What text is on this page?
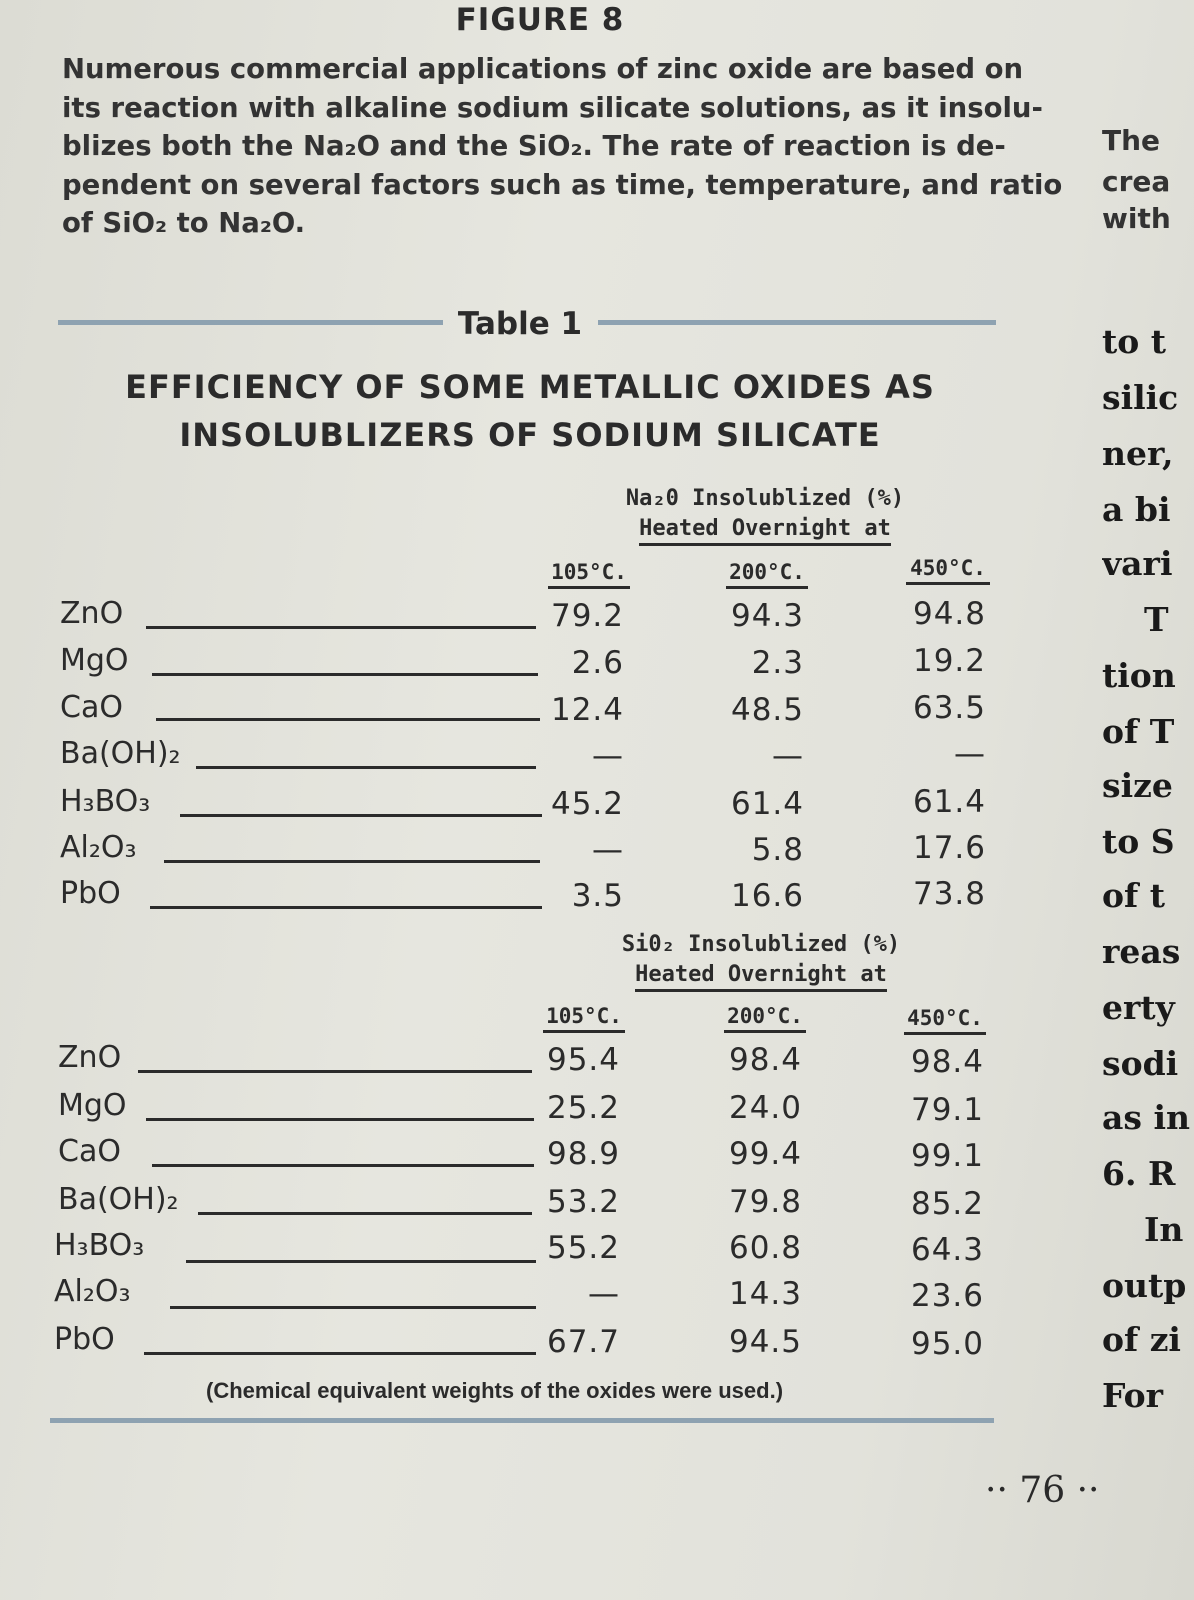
FIGURE 8
Numerous commercial applications of zinc oxide are based on
its reaction with alkaline sodium silicate solutions, as it insolu-
blizes both the Na₂O and the SiO₂. The rate of reaction is de-
pendent on several factors such as time, temperature, and ratio
of SiO₂ to Na₂O.
The
crea
with
to t
silic
ner,
a bi
vari
T
tion
of T
size
to S
of t
reas
erty
sodi
as in
6. R
In
outp
of zi
For
Table 1
EFFICIENCY OF SOME METALLIC OXIDES AS
INSOLUBLIZERS OF SODIUM SILICATE
Na₂0 Insolublized (%)
Heated Overnight at
105°C.	200°C.	450°C.
ZnO	79.2	94.3	94.8
MgO	2.6	2.3	19.2
CaO	12.4	48.5	63.5
Ba(OH)₂	—	—	—
H₃BO₃	45.2	61.4	61.4
Al₂O₃	—	5.8	17.6
PbO	3.5	16.6	73.8
Si0₂ Insolublized (%)
Heated Overnight at
105°C.	200°C.	450°C.
ZnO	95.4	98.4	98.4
MgO	25.2	24.0	79.1
CaO	98.9	99.4	99.1
Ba(OH)₂	53.2	79.8	85.2
H₃BO₃	55.2	60.8	64.3
Al₂O₃	—	14.3	23.6
PbO	67.7	94.5	95.0
(Chemical equivalent weights of the oxides were used.)
·· 76 ··
